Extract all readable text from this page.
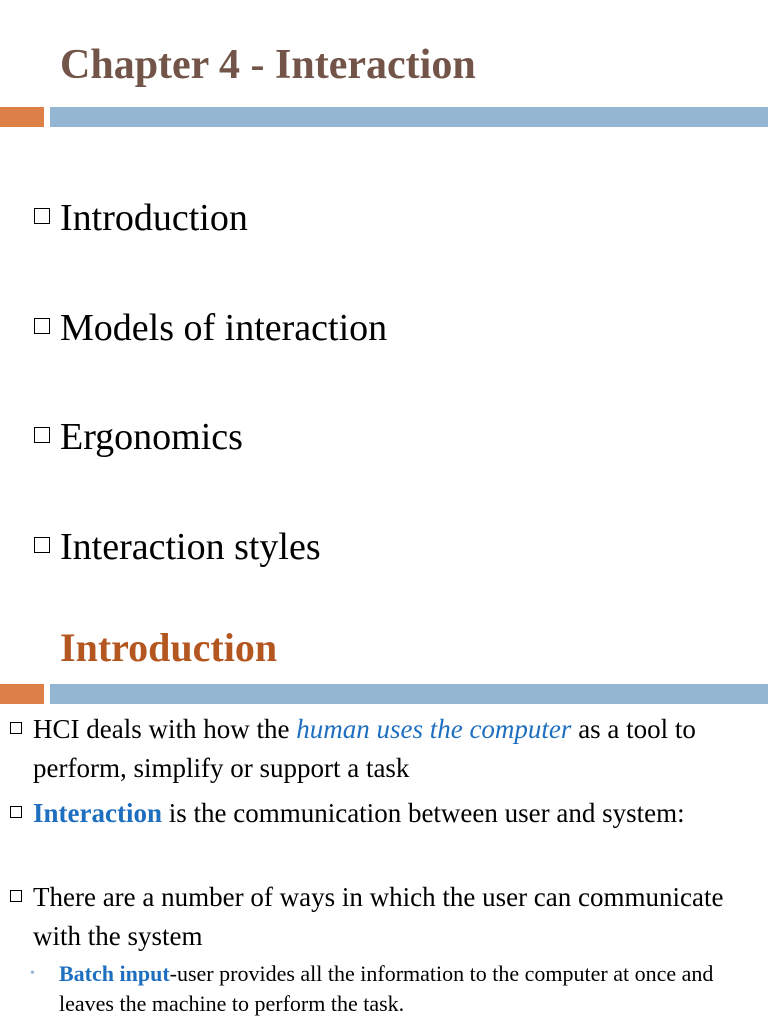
Chapter 4 - Interaction
Introduction
Models of interaction
Ergonomics
Interaction styles
Introduction
HCI deals with how the human uses the computer as a tool to perform, simplify or support a task
Interaction is the communication between user and system:
There are a number of ways in which the user can communicate with the system
• Batch input-user provides all the information to the computer at once and leaves the machine to perform the task.
